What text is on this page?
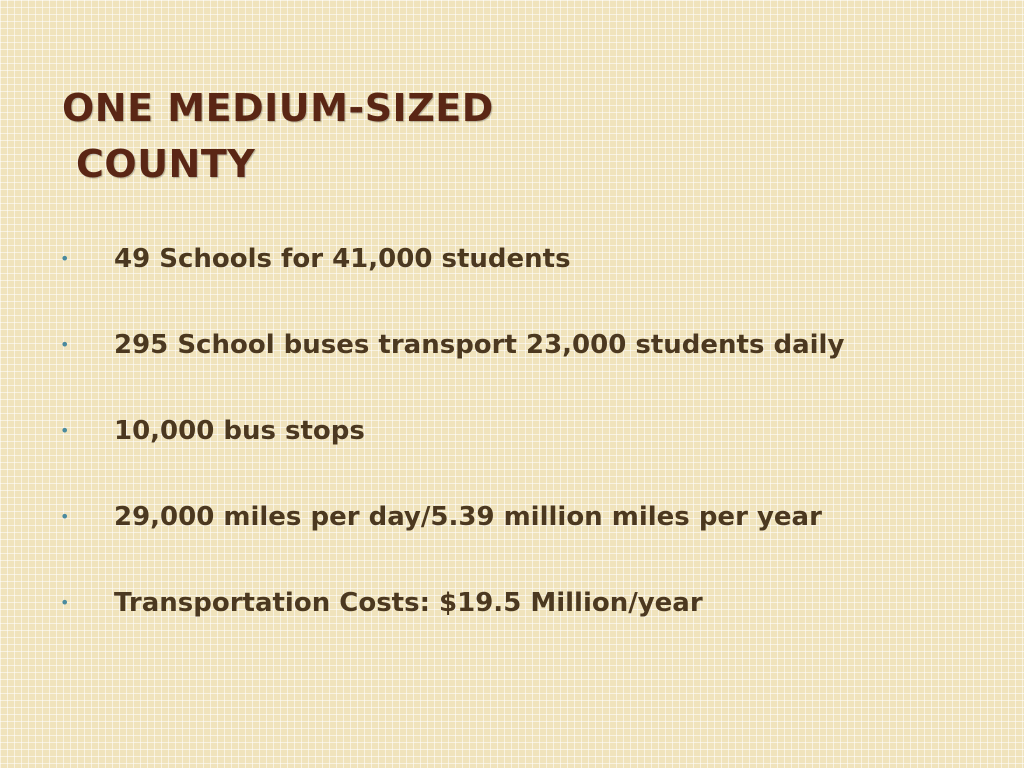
ONE MEDIUM-SIZED
COUNTY
•	49 Schools for 41,000 students
•	295 School buses transport 23,000 students daily
•	10,000 bus stops
•	29,000 miles per day/5.39 million miles per year
•	Transportation Costs: $19.5 Million/year
